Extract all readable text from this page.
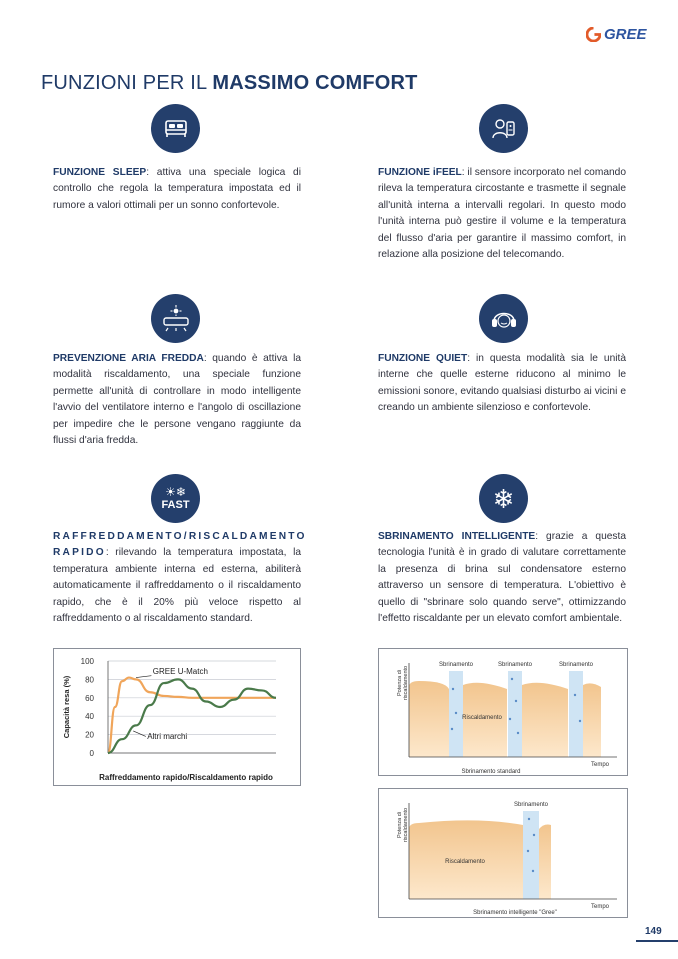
GREE
FUNZIONI PER IL MASSIMO COMFORT
☀❄
FAST	❄
FUNZIONE SLEEP: attiva una speciale logica di controllo che regola la temperatura impostata ed il rumore a valori ottimali per un sonno confortevole.
FUNZIONE iFEEL: il sensore incorporato nel comando rileva la temperatura circostante e trasmette il segnale all'unità interna a intervalli regolari. In questo modo l'unità interna può gestire il volume e la temperatura del flusso d'aria per garantire il massimo comfort, in relazione alla posizione del telecomando.
PREVENZIONE ARIA FREDDA: quando è attiva la modalità riscaldamento, una speciale funzione permette all'unità di controllare in modo intelligente l'avvio del ventilatore interno e l'angolo di oscillazione per impedire che le persone vengano raggiunte da flussi d'aria fredda.
FUNZIONE QUIET: in questa modalità sia le unità interne che quelle esterne riducono al minimo le emissioni sonore, evitando qualsiasi disturbo ai vicini e creando un ambiente silenzioso e confortevole.
RAFFREDDAMENTO/RISCALDAMENTO RAPIDO: rilevando la temperatura impostata, la temperatura ambiente interna ed esterna, abiliterà automaticamente il raffreddamento o il riscaldamento rapido, che è il 20% più veloce rispetto al raffreddamento o al riscaldamento standard.
SBRINAMENTO INTELLIGENTE: grazie a questa tecnologia l'unità è in grado di valutare correttamente la presenza di brina sul condensatore esterno attraverso un sensore di temperatura. L'obiettivo è quello di "sbrinare solo quando serve", ottimizzando l'effetto riscaldante per un elevato comfort ambientale.
0
20
40
60
80
100
GREE U-Match
Altri marchi
Capacità resa (%)
Raffreddamento rapido/Riscaldamento rapido
Sbrinamento	Sbrinamento	Sbrinamento
Riscaldamento
Tempo
Sbrinamento standard
Potenza diriscaldamento
Sbrinamento
Riscaldamento
Tempo
Sbrinamento intelligente "Gree"
Potenza diriscaldamento
149
